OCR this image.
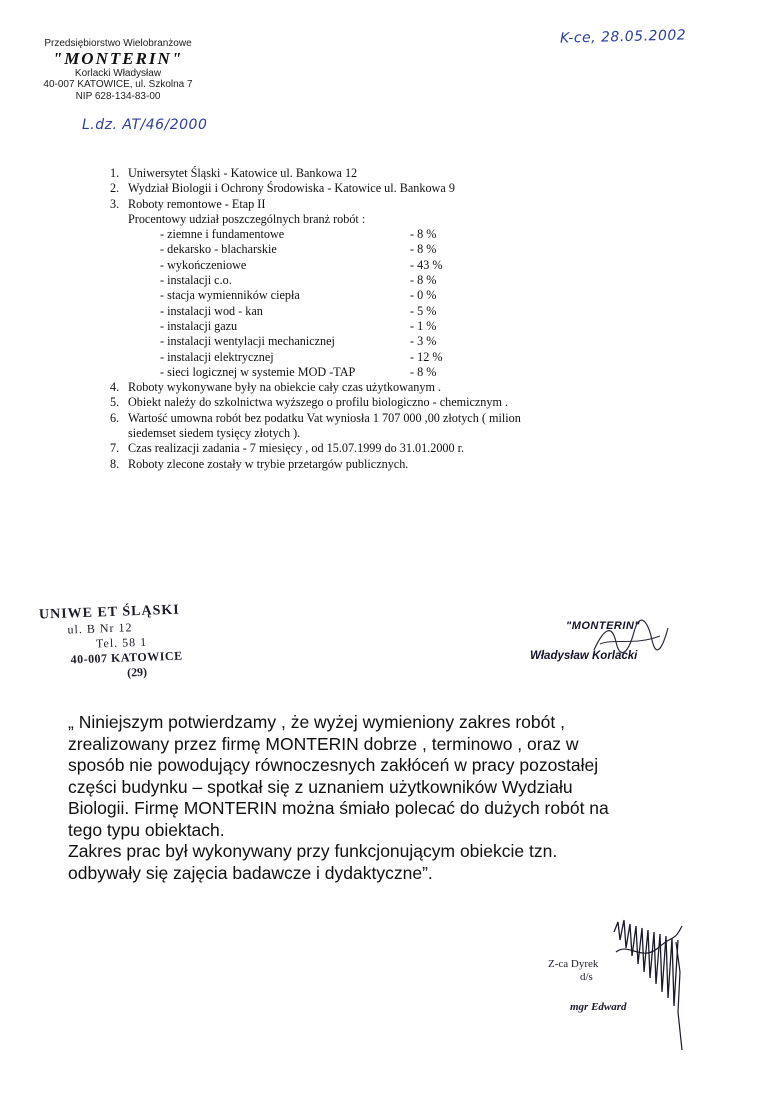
Przedsiębiorstwo Wielobranżowe
"MONTERIN"
Korlacki Władysław
40-007 KATOWICE, ul. Szkolna 7
NIP 628-134-83-00
K-ce, 28.05.2002
L.dz. AT/46/2000
1. Uniwersytet Śląski - Katowice ul. Bankowa 12
2. Wydział Biologii i Ochrony Środowiska - Katowice ul. Bankowa 9
3. Roboty remontowe - Etap II
Procentowy udział poszczególnych branż robót :
- ziemne i fundamentowe	- 8 %
- dekarsko - blacharskie	- 8 %
- wykończeniowe	- 43 %
- instalacji c.o.	- 8 %
- stacja wymienników ciepła	- 0 %
- instalacji wod - kan	- 5 %
- instalacji gazu	- 1 %
- instalacji wentylacji mechanicznej	- 3 %
- instalacji elektrycznej	- 12 %
- sieci logicznej w systemie MOD -TAP	- 8 %
4. Roboty wykonywane były na obiekcie cały czas użytkowanym .
5. Obiekt należy do szkolnictwa wyższego o profilu biologiczno - chemicznym .
6. Wartość umowna robót bez podatku Vat wyniosła 1 707 000 ,00 złotych ( milion
siedemset siedem tysięcy złotych ).
7. Czas realizacji zadania - 7 miesięcy , od 15.07.1999 do 31.01.2000 r.
8. Roboty zlecone zostały w trybie przetargów publicznych.
UNIWE ET ŚLĄSKI
ul. B Nr 12
Tel. 58 1
40-007 KATOWICE
(29)
"MONTERIN"
Władysław Korlacki

„ Niniejszym potwierdzamy , że wyżej wymieniony zakres robót ,

zrealizowany przez firmę MONTERIN dobrze , terminowo , oraz w

sposób nie powodujący równoczesnych zakłóceń w pracy pozostałej

części budynku – spotkał się z uznaniem użytkowników Wydziału

Biologii. Firmę MONTERIN można śmiało polecać do dużych robót na

tego typu obiektach.

Zakres prac był wykonywany przy funkcjonującym obiekcie tzn.

odbywały się zajęcia badawcze i dydaktyczne”.

Z-ca Dyrek
d/s
mgr Edward
